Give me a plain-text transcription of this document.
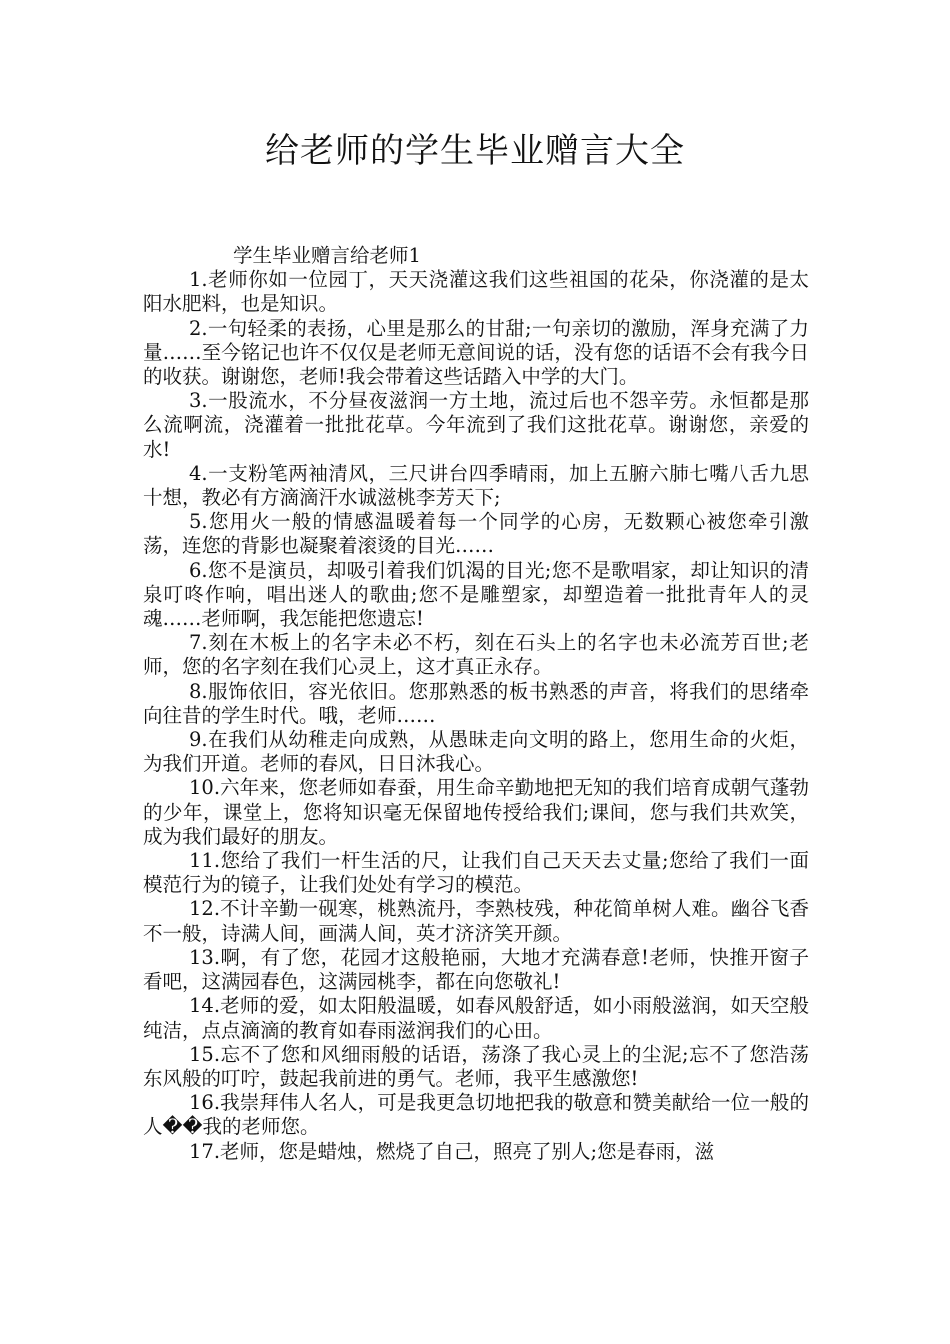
给老师的学生毕业赠言大全

学生毕业赠言给老师1

1.老师你如一位园丁，天天浇灌这我们这些祖国的花朵，你浇灌的是太阳水肥料，也是知识。

2.一句轻柔的表扬，心里是那么的甘甜;一句亲切的激励，浑身充满了力量……至今铭记也许不仅仅是老师无意间说的话，没有您的话语不会有我今日的收获。谢谢您，老师!我会带着这些话踏入中学的大门。

3.一股流水，不分昼夜滋润一方土地，流过后也不怨辛劳。永恒都是那么流啊流，浇灌着一批批花草。今年流到了我们这批花草。谢谢您，亲爱的水!

4.一支粉笔两袖清风，三尺讲台四季晴雨，加上五腑六肺七嘴八舌九思十想，教必有方滴滴汗水诚滋桃李芳天下;

5.您用火一般的情感温暖着每一个同学的心房，无数颗心被您牵引激荡，连您的背影也凝聚着滚烫的目光……

6.您不是演员，却吸引着我们饥渴的目光;您不是歌唱家，却让知识的清泉叮咚作响，唱出迷人的歌曲;您不是雕塑家，却塑造着一批批青年人的灵魂……老师啊，我怎能把您遗忘!

7.刻在木板上的名字未必不朽，刻在石头上的名字也未必流芳百世;老师，您的名字刻在我们心灵上，这才真正永存。

8.服饰依旧，容光依旧。您那熟悉的板书熟悉的声音，将我们的思绪牵向往昔的学生时代。哦，老师……

9.在我们从幼稚走向成熟，从愚昧走向文明的路上，您用生命的火炬，为我们开道。老师的春风，日日沐我心。

10.六年来，您老师如春蚕，用生命辛勤地把无知的我们培育成朝气蓬勃的少年，课堂上，您将知识毫无保留地传授给我们;课间，您与我们共欢笑，成为我们最好的朋友。

11.您给了我们一杆生活的尺，让我们自己天天去丈量;您给了我们一面模范行为的镜子，让我们处处有学习的模范。

12.不计辛勤一砚寒，桃熟流丹，李熟枝残，种花简单树人难。幽谷飞香不一般，诗满人间，画满人间，英才济济笑开颜。

13.啊，有了您，花园才这般艳丽，大地才充满春意!老师，快推开窗子看吧，这满园春色，这满园桃李，都在向您敬礼!

14.老师的爱，如太阳般温暖，如春风般舒适，如小雨般滋润，如天空般纯洁，点点滴滴的教育如春雨滋润我们的心田。

15.忘不了您和风细雨般的话语，荡涤了我心灵上的尘泥;忘不了您浩荡东风般的叮咛，鼓起我前进的勇气。老师，我平生感激您!

16.我崇拜伟人名人，可是我更急切地把我的敬意和赞美献给一位一般的人��我的老师您。

17.老师，您是蜡烛，燃烧了自己，照亮了别人;您是春雨，滋
